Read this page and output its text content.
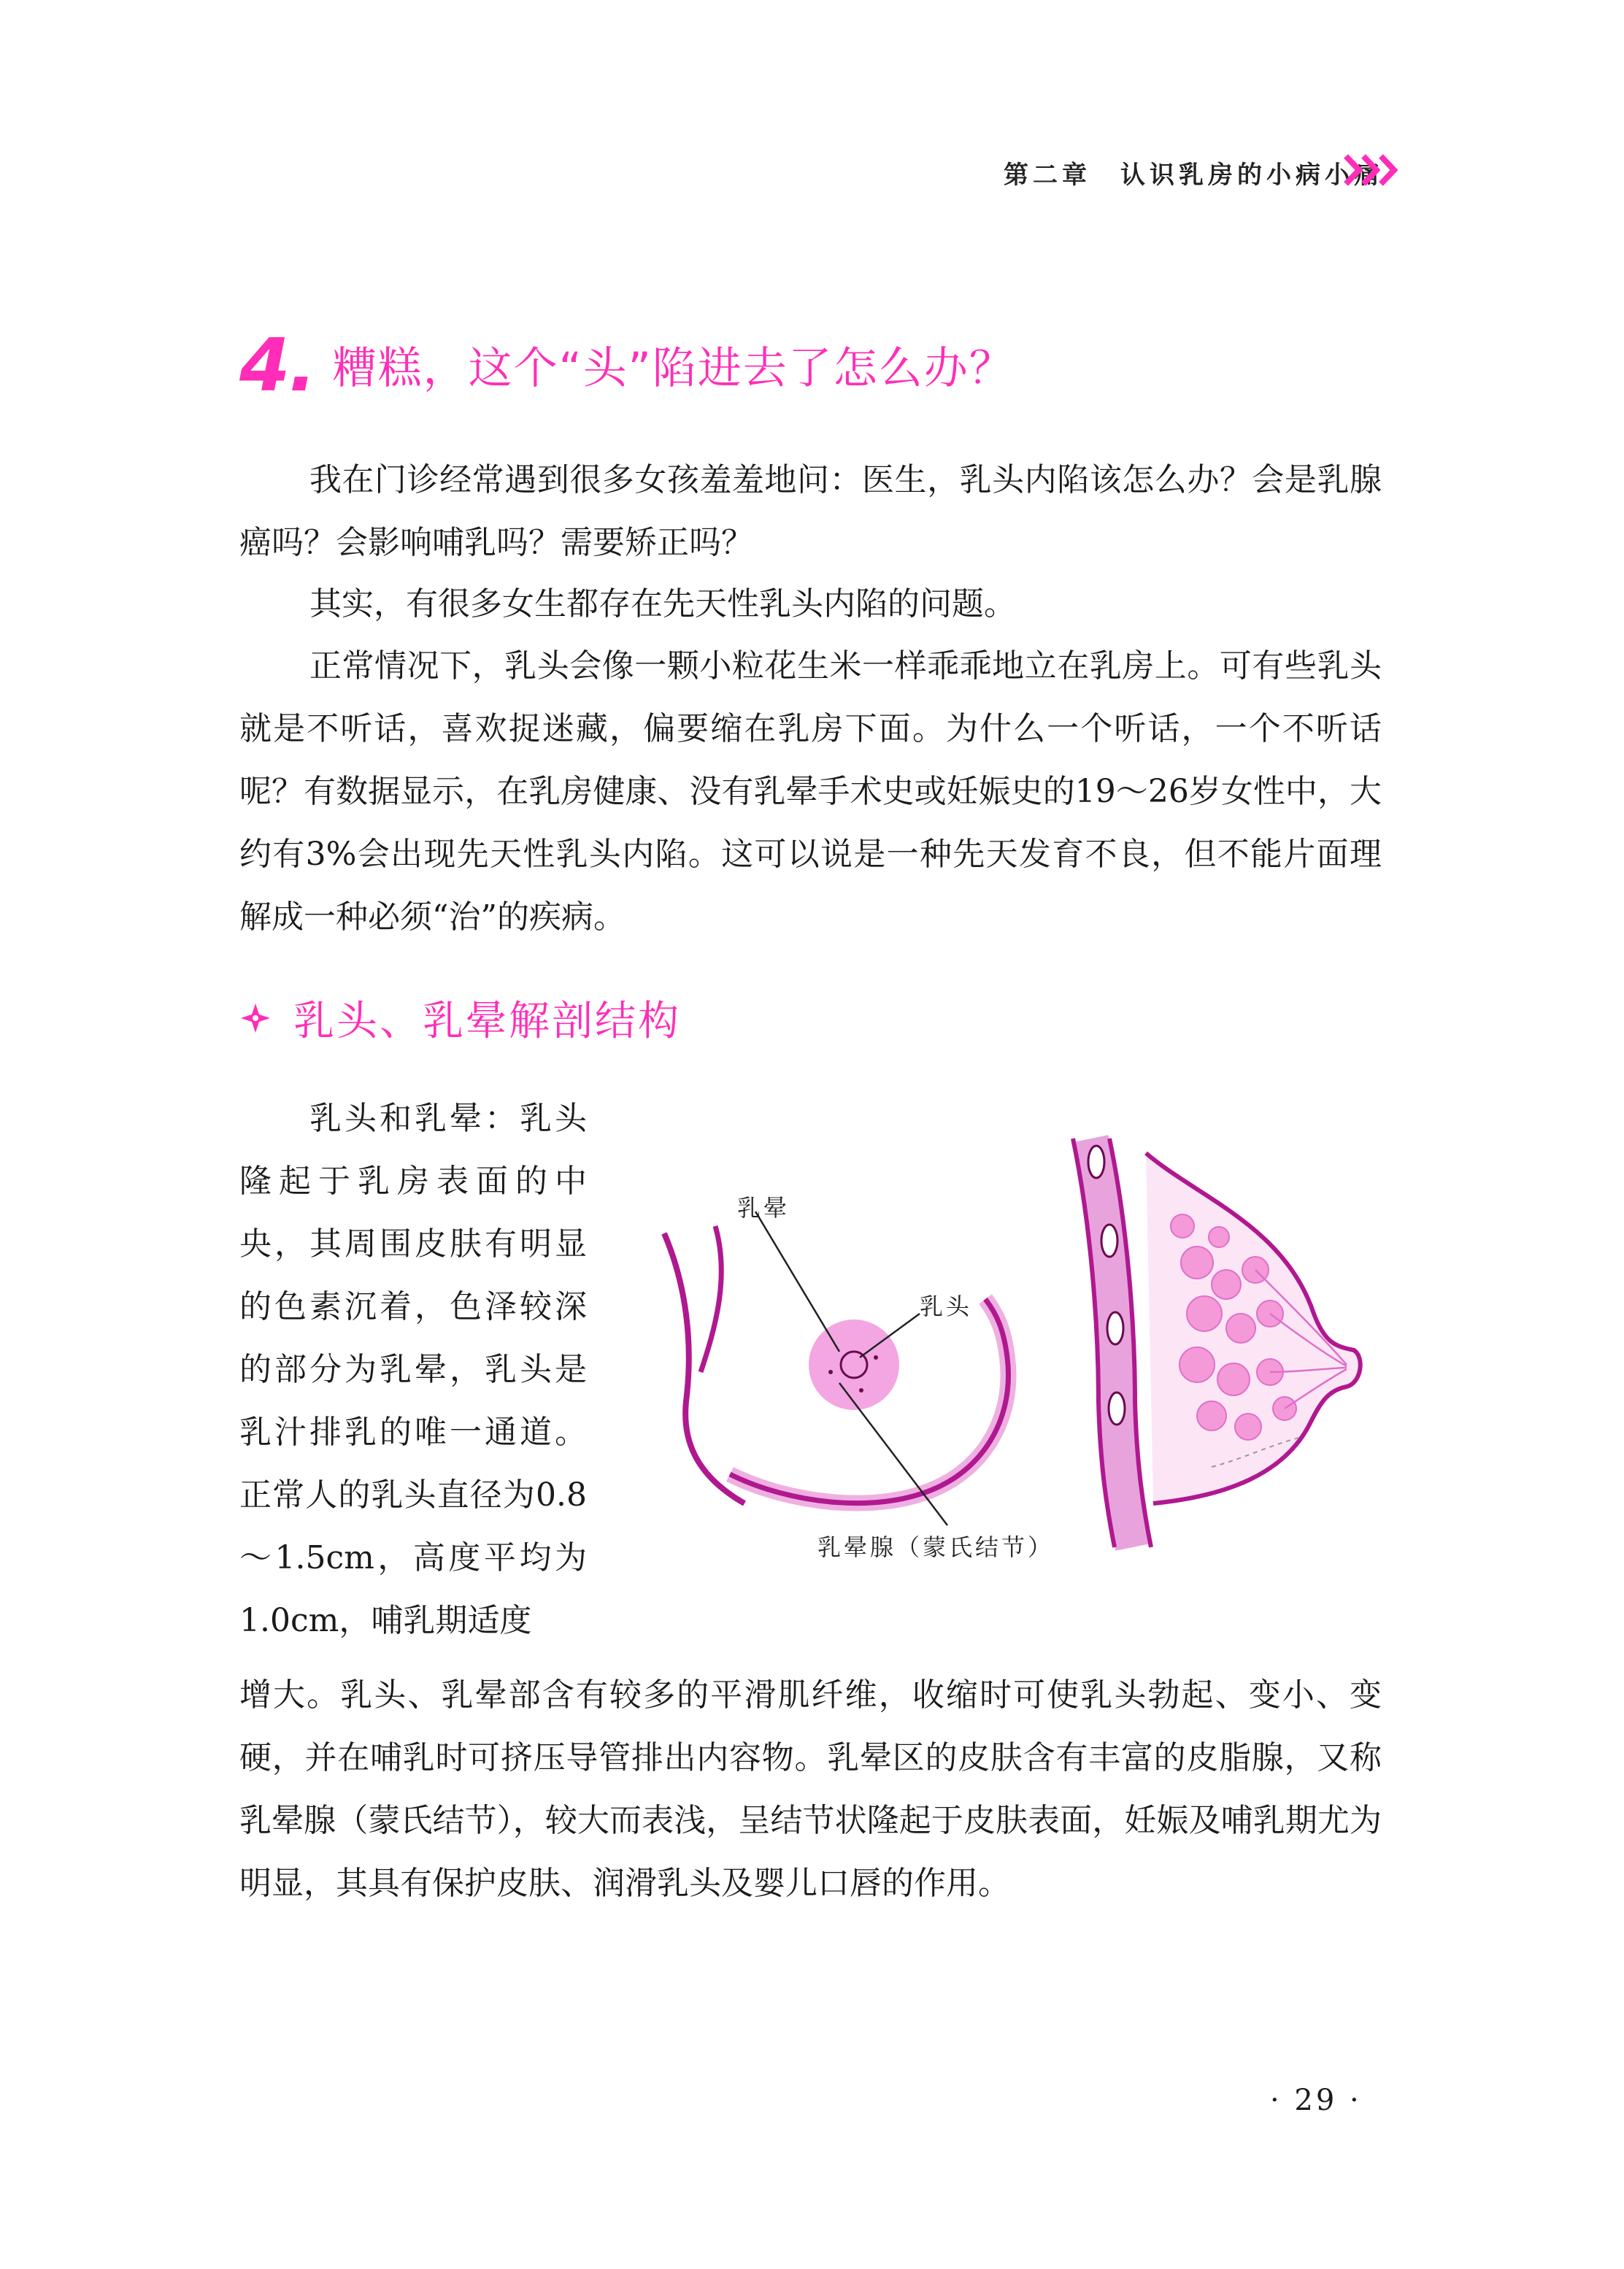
第二章　认识乳房的小病小痛
4. 糟糕，这个“头”陷进去了怎么办？

我在门诊经常遇到很多女孩羞羞地问：医生，乳头内陷该怎么办？会是乳腺癌吗？会影响哺乳吗？需要矫正吗？

其实，有很多女生都存在先天性乳头内陷的问题。

正常情况下，乳头会像一颗小粒花生米一样乖乖地立在乳房上。可有些乳头就是不听话，喜欢捉迷藏，偏要缩在乳房下面。为什么一个听话，一个不听话呢？有数据显示，在乳房健康、没有乳晕手术史或妊娠史的19～26岁女性中，大约有3%会出现先天性乳头内陷。这可以说是一种先天发育不良，但不能片面理解成一种必须“治”的疾病。

乳头、乳晕解剖结构

乳头和乳晕：乳头隆起于乳房表面的中央，其周围皮肤有明显的色素沉着，色泽较深的部分为乳晕，乳头是乳汁排乳的唯一通道。正常人的乳头直径为0.8～1.5cm，高度平均为1.0cm，哺乳期适度

乳晕
乳头
乳晕腺（蒙氏结节）

增大。乳头、乳晕部含有较多的平滑肌纤维，收缩时可使乳头勃起、变小、变硬，并在哺乳时可挤压导管排出内容物。乳晕区的皮肤含有丰富的皮脂腺，又称乳晕腺（蒙氏结节），较大而表浅，呈结节状隆起于皮肤表面，妊娠及哺乳期尤为明显，其具有保护皮肤、润滑乳头及婴儿口唇的作用。

· 29 ·
